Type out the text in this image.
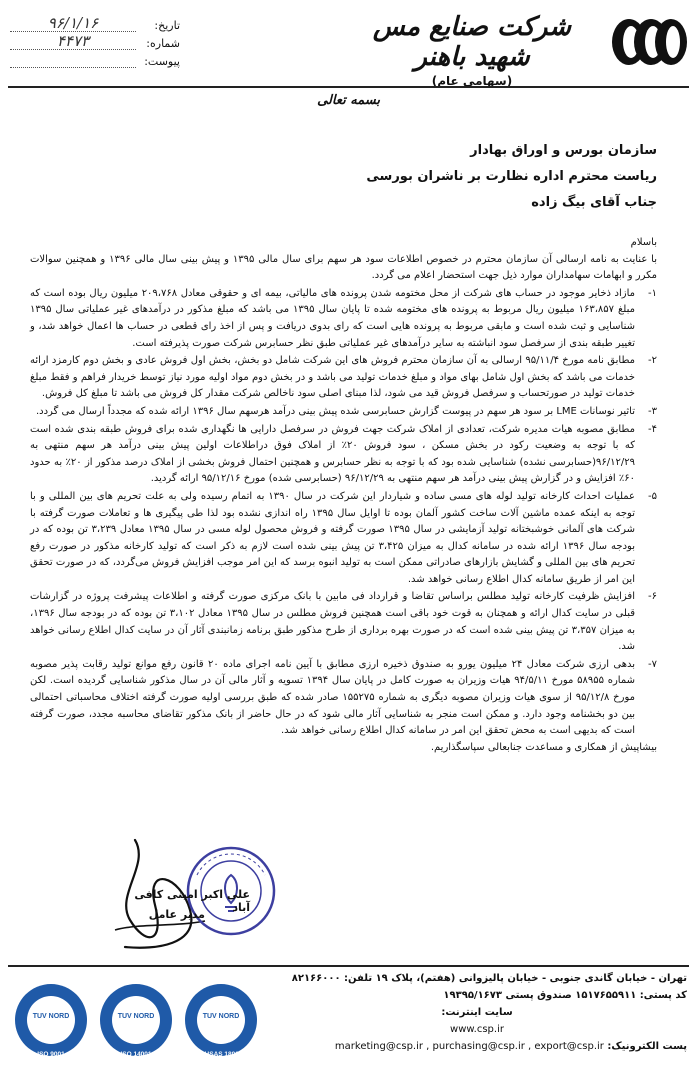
شرکت صنایع مس شهید باهنر
(سهامی عام)
تاریخ:
۹۶/۱/۱۶
شماره:
۴۴۷۳
پیوست:
بسمه تعالی
سازمان بورس و اوراق بهادار
ریاست محترم اداره نظارت بر ناشران بورسی
جناب آقای بیگ زاده

باسلام

با عنایت به نامه ارسالی آن سازمان محترم در خصوص اطلاعات سود هر سهم برای سال مالی ۱۳۹۵ و پیش بینی سال مالی ۱۳۹۶ و همچنین سوالات مکرر و ابهامات سهامداران موارد ذیل جهت استحضار اعلام می گردد.

۱-
مازاد ذخایر موجود در حساب های شرکت از محل مختومه شدن پرونده های مالیاتی، بیمه ای و حقوقی معادل ۲۰۹،۷۶۸ میلیون ریال بوده است که مبلغ ۱۶۳،۸۵۷ میلیون ریال مربوط به پرونده های مختومه شده تا پایان سال ۱۳۹۵ می باشد که مبلغ مذکور در درآمدهای غیر عملیاتی سال ۱۳۹۵ شناسایی و ثبت شده است و مابقی مربوط به پرونده هایی است که رای بدوی دریافت و پس از اخذ رای قطعی در حساب ها اعمال خواهد شد، و تغییر طبقه بندی از سرفصل سود انباشته به سایر درآمدهای غیر عملیاتی طبق نظر حسابرس شرکت صورت پذیرفته است.
۲-
مطابق نامه مورخ ۹۵/۱۱/۴ ارسالی به آن سازمان محترم فروش های این شرکت شامل دو بخش، بخش اول فروش عادی و بخش دوم کارمزد ارائه خدمات می باشد که بخش اول شامل بهای مواد و مبلغ خدمات تولید می باشد و در بخش دوم مواد اولیه مورد نیاز توسط خریدار فراهم و فقط مبلغ خدمات تولید در صورتحساب و سرفصل فروش قید می شود، لذا مبنای اصلی سود ناخالص شرکت مقدار کل فروش می باشد تا مبلغ کل فروش.
۳-
تاثیر نوسانات LME بر سود هر سهم در پیوست گزارش حسابرسی شده پیش بینی درآمد هرسهم سال ۱۳۹۶ ارائه شده که مجدداً ارسال می گردد.
۴-
مطابق مصوبه هیات مدیره شرکت، تعدادی از املاک شرکت جهت فروش در سرفصل دارایی ها نگهداری شده برای فروش طبقه بندی شده است که با توجه به وضعیت رکود در بخش مسکن ، سود فروش ۲۰٪ از املاک فوق دراطلاعات اولین پیش بینی درآمد هر سهم منتهی به ۹۶/۱۲/۲۹(حسابرسی نشده) شناسایی شده بود که با توجه به نظر حسابرس و همچنین احتمال فروش بخشی از املاک درصد مذکور از ۲۰٪ به حدود ۶۰٪ افزایش و در گزارش پیش بینی درآمد هر سهم منتهی به ۹۶/۱۲/۲۹ (حسابرسی شده) مورخ ۹۵/۱۲/۱۶ ارائه گردید.
۵-
عملیات احداث کارخانه تولید لوله های مسی ساده و شیاردار این شرکت در سال ۱۳۹۰ به اتمام رسیده ولی به علت تحریم های بین المللی و با توجه به اینکه عمده ماشین آلات ساخت کشور آلمان بوده تا اوایل سال ۱۳۹۵ راه اندازی نشده بود لذا طی پیگیری ها و تعاملات صورت گرفته با شرکت های آلمانی خوشبختانه تولید آزمایشی در سال ۱۳۹۵ صورت گرفته و فروش محصول لوله مسی در سال ۱۳۹۵ معادل ۳،۲۳۹ تن بوده که در بودجه سال ۱۳۹۶ ارائه شده در سامانه کدال به میزان ۳،۴۲۵ تن پیش بینی شده است لازم به ذکر است که تولید کارخانه مذکور در صورت رفع تحریم های بین المللی و گشایش بازارهای صادراتی ممکن است به تولید انبوه برسد که این امر موجب افزایش فروش می‌گردد، که در صورت تحقق این امر از طریق سامانه کدال اطلاع رسانی خواهد شد.
۶-
افزایش ظرفیت کارخانه تولید مطلس براساس تقاضا و قرارداد فی مابین با بانک مرکزی صورت گرفته و اطلاعات پیشرفت پروژه در گزارشات قبلی در سایت کدال ارائه و همچنان به قوت خود باقی است همچنین فروش مطلس در سال ۱۳۹۵ معادل ۳،۱۰۲ تن بوده که در بودجه سال ۱۳۹۶، به میزان ۳،۳۵۷ تن پیش بینی شده است که در صورت بهره برداری از طرح مذکور طبق برنامه زمانبندی آثار آن در سایت کدال اطلاع رسانی خواهد شد.
۷-
بدهی ارزی شرکت معادل ۲۴ میلیون یورو به صندوق ذخیره ارزی مطابق با آیین نامه اجرای ماده ۲۰ قانون رفع موانع تولید رقابت پذیر مصوبه شماره ۵۸۹۵۵ مورخ ۹۴/۵/۱۱ هیات وزیران به صورت کامل در پایان سال ۱۳۹۴ تسویه و آثار مالی آن در سال مذکور شناسایی گردیده است. لکن مورخ ۹۵/۱۲/۸ از سوی هیات وزیران مصوبه دیگری به شماره ۱۵۵۲۷۵ صادر شده که طبق بررسی اولیه صورت گرفته اختلاف محاسباتی احتمالی بین دو بخشنامه وجود دارد. و ممکن است منجر به شناسایی آثار مالی شود که در حال حاضر از بانک مذکور تقاضای محاسبه مجدد، صورت گرفته است که بدیهی است به محض تحقق این امر در سامانه کدال اطلاع رسانی خواهد شد.

بیشاپیش از همکاری و مساعدت جنابعالی سپاسگذاریم.

علی اکبر امینی کافی آباد
مدیر عامل
تهران - خیابان گاندی جنوبی - خیابان پالیزوانی (هفتم)، پلاک ۱۹ تلفن: ۸۲۱۶۶۰۰۰
کد پستی: ۱۵۱۷۶۵۵۹۱۱ صندوق پستی ۱۹۳۹۵/۱۶۷۳
سایت اینترنت:
www.csp.ir
پست الکترونیک: marketing@csp.ir , purchasing@csp.ir , export@csp.ir
TUV NORD
OHSAS 18001
TUV NORD
ISO 14001
TUV NORD
ISO 9001
